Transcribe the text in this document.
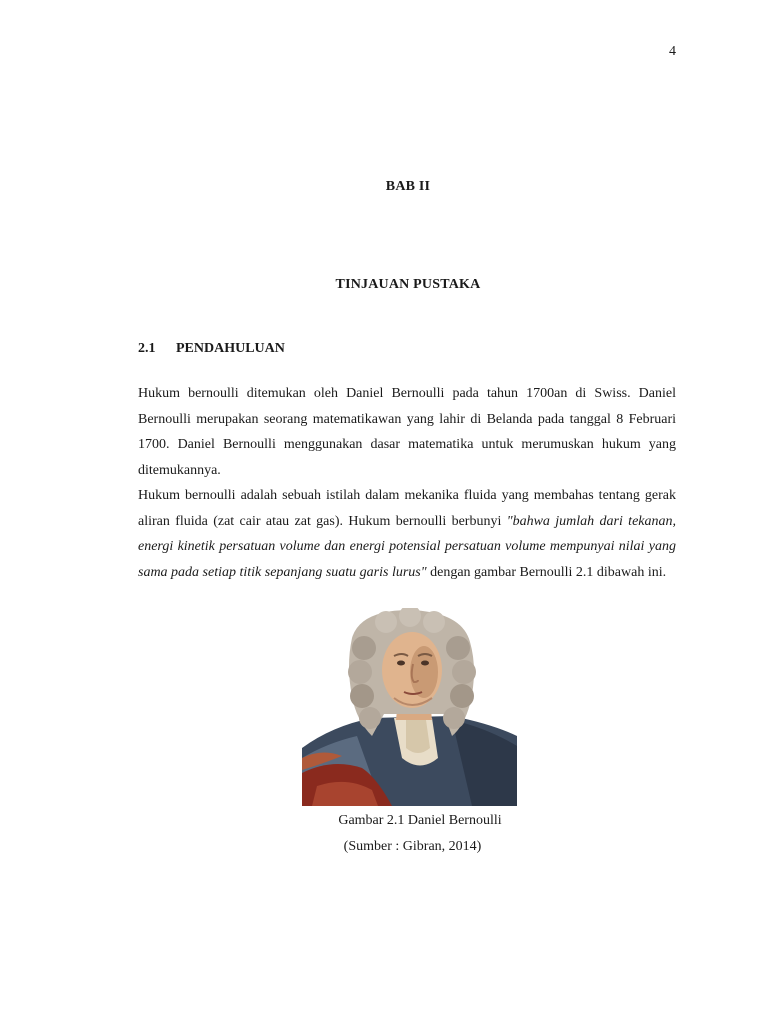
4
BAB II
TINJAUAN PUSTAKA
2.1 PENDAHULUAN

Hukum bernoulli ditemukan oleh Daniel Bernoulli pada tahun 1700an di Swiss. Daniel Bernoulli merupakan seorang matematikawan yang lahir di Belanda pada tanggal 8 Februari 1700. Daniel Bernoulli menggunakan dasar matematika untuk merumuskan hukum yang ditemukannya.

Hukum bernoulli adalah sebuah istilah dalam mekanika fluida yang membahas tentang gerak aliran fluida (zat cair atau zat gas). Hukum bernoulli berbunyi "bahwa jumlah dari tekanan, energi kinetik persatuan volume dan energi potensial persatuan volume mempunyai nilai yang sama pada setiap titik sepanjang suatu garis lurus" dengan gambar Bernoulli 2.1 dibawah ini.

Gambar 2.1 Daniel Bernoulli
(Sumber : Gibran, 2014)
